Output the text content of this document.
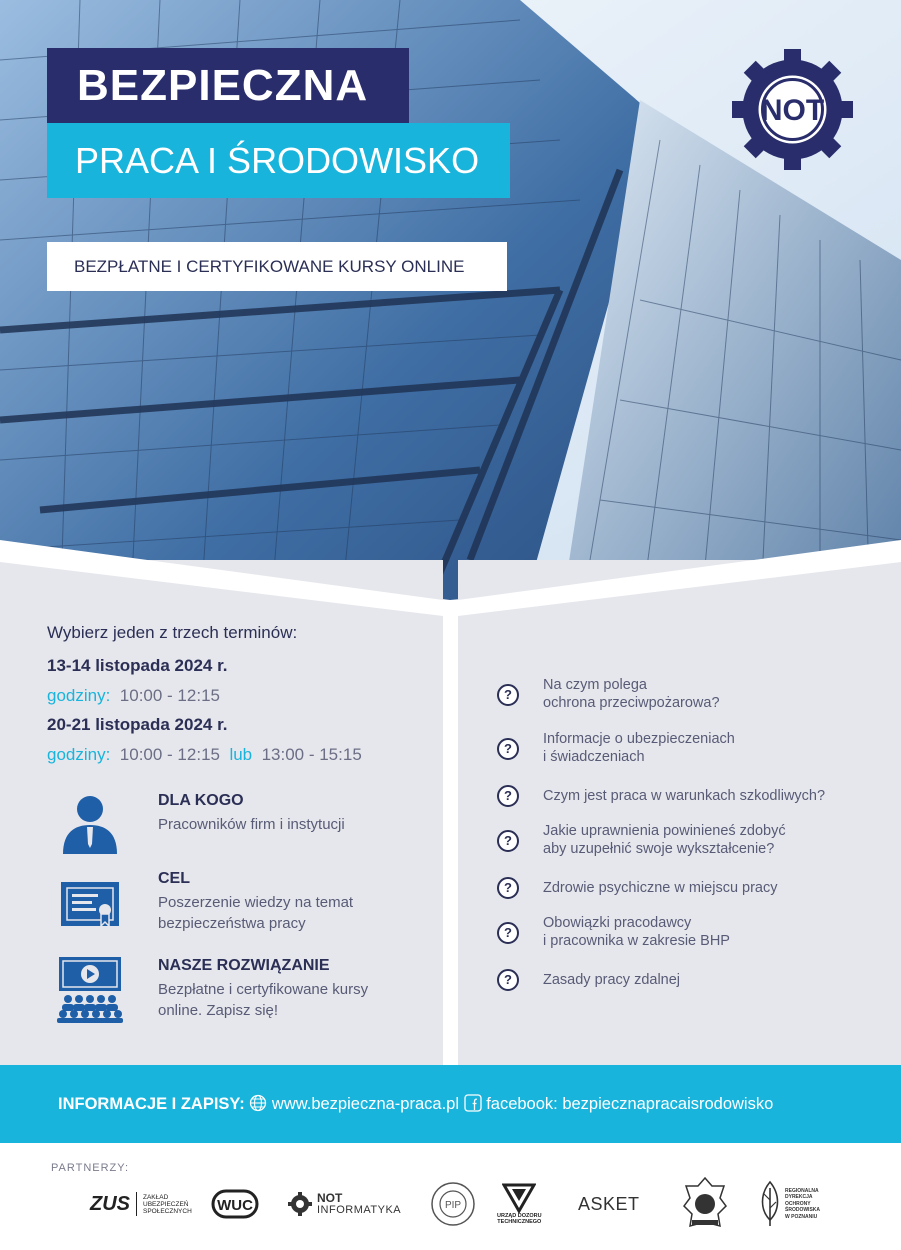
BEZPIECZNA
PRACA I ŚRODOWISKO
BEZPŁATNE I CERTYFIKOWANE KURSY ONLINE
NOT
Wybierz jeden z trzech terminów:
13-14 listopada 2024 r.
godziny: 10:00 - 12:15
20-21 listopada 2024 r.
godziny: 10:00 - 12:15 lub 13:00 - 15:15
DLA KOGO
Pracowników firm i instytucji
CEL
Poszerzenie wiedzy na temat bezpieczeństwa pracy
NASZE ROZWIĄZANIE
Bezpłatne i certyfikowane kursy online. Zapisz się!
?
Na czym polega
ochrona przeciwpożarowa?
?
Informacje o ubezpieczeniach
i świadczeniach
?	Czym jest praca w warunkach szkodliwych?
?
Jakie uprawnienia powinieneś zdobyć
aby uzupełnić swoje wykształcenie?
?	Zdrowie psychiczne w miejscu pracy
?
Obowiązki pracodawcy
i pracownika w zakresie BHP
?	Zasady pracy zdalnej
INFORMACJE I ZAPISY: www.bezpieczna-praca.pl facebook: bezpiecznapracaisrodowisko
PARTNERZY:
ZUS ZAKŁAD
UBEZPIECZEŃ
SPOŁECZNYCH WUC	NOT
INFORMATYKA	PIP
URZĄD DOZORU
TECHNICZNEGO
ASKET
REGIONALNA
DYREKCJA
OCHRONY
ŚRODOWISKA
W POZNANIU
